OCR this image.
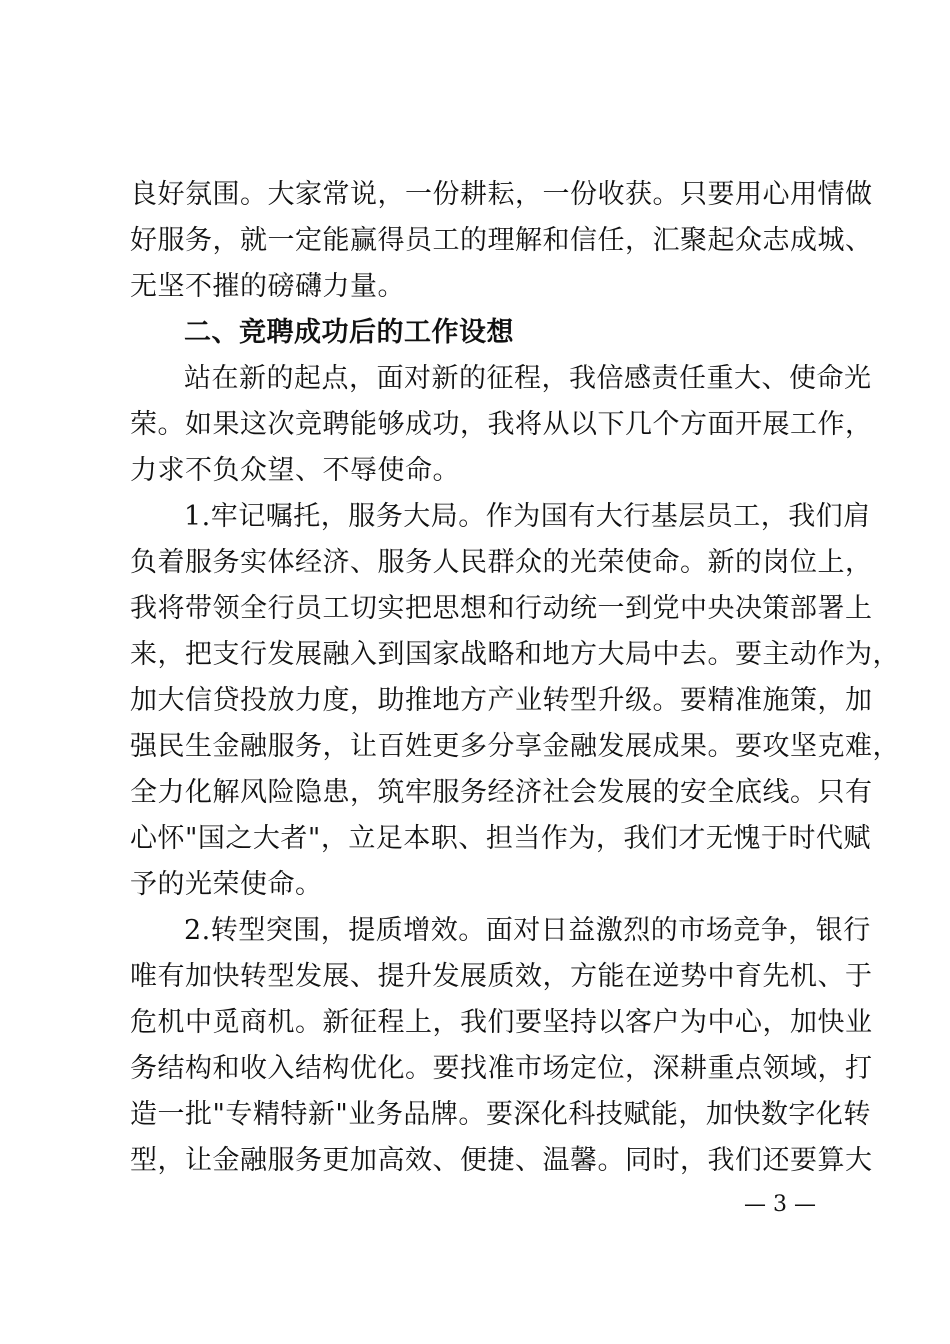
良好氛围。大家常说，一份耕耘，一份收获。只要用心用情做
好服务，就一定能赢得员工的理解和信任，汇聚起众志成城、
无坚不摧的磅礴力量。
二、竞聘成功后的工作设想
站在新的起点，面对新的征程，我倍感责任重大、使命光
荣。如果这次竞聘能够成功，我将从以下几个方面开展工作，
力求不负众望、不辱使命。
1.牢记嘱托，服务大局。作为国有大行基层员工，我们肩
负着服务实体经济、服务人民群众的光荣使命。新的岗位上，
我将带领全行员工切实把思想和行动统一到党中央决策部署上
来，把支行发展融入到国家战略和地方大局中去。要主动作为，
加大信贷投放力度，助推地方产业转型升级。要精准施策，加
强民生金融服务，让百姓更多分享金融发展成果。要攻坚克难，
全力化解风险隐患，筑牢服务经济社会发展的安全底线。只有
心怀"国之大者"，立足本职、担当作为，我们才无愧于时代赋
予的光荣使命。
2.转型突围，提质增效。面对日益激烈的市场竞争，银行
唯有加快转型发展、提升发展质效，方能在逆势中育先机、于
危机中觅商机。新征程上，我们要坚持以客户为中心，加快业
务结构和收入结构优化。要找准市场定位，深耕重点领域，打
造一批"专精特新"业务品牌。要深化科技赋能，加快数字化转
型，让金融服务更加高效、便捷、温馨。同时，我们还要算大
— 3 —
